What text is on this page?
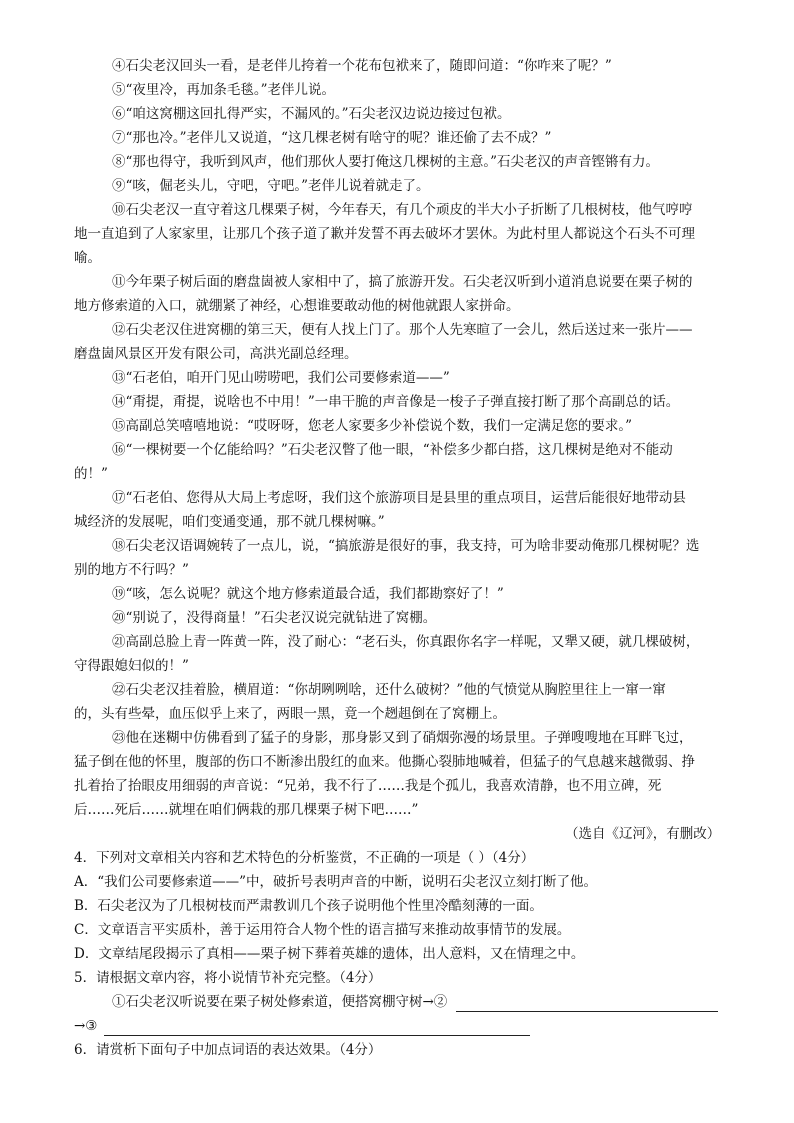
④石尖老汉回头一看，是老伴儿挎着一个花布包袱来了，随即问道：“你咋来了呢？”
⑤“夜里冷，再加条毛毯。”老伴儿说。
⑥“咱这窝棚这回扎得严实，不漏风的。”石尖老汉边说边接过包袱。
⑦“那也冷。”老伴儿又说道，“这几棵老树有啥守的呢？谁还偷了去不成？”
⑧“那也得守，我听到风声，他们那伙人要打俺这几棵树的主意。”石尖老汉的声音铿锵有力。
⑨“咳，倔老头儿，守吧，守吧。”老伴儿说着就走了。
⑩石尖老汉一直守着这几棵栗子树，今年春天，有几个顽皮的半大小子折断了几根树枝，他气哼哼
地一直追到了人家家里，让那几个孩子道了歉并发誓不再去破坏才罢休。为此村里人都说这个石头不可理
喻。
⑪今年栗子树后面的磨盘崮被人家相中了，搞了旅游开发。石尖老汉听到小道消息说要在栗子树的
地方修索道的入口，就绷紧了神经，心想谁要敢动他的树他就跟人家拼命。
⑫石尖老汉住进窝棚的第三天，便有人找上门了。那个人先寒暄了一会儿，然后送过来一张片——
磨盘崮风景区开发有限公司，高洪光副总经理。
⑬“石老伯，咱开门见山唠唠吧，我们公司要修索道——”
⑭“甭提，甭提，说啥也不中用！”一串干脆的声音像是一梭子子弹直接打断了那个高副总的话。
⑮高副总笑嘻嘻地说：“哎呀呀，您老人家要多少补偿说个数，我们一定满足您的要求。”
⑯“一棵树要一个亿能给吗？”石尖老汉瞥了他一眼，“补偿多少都白搭，这几棵树是绝对不能动
的！”
⑰“石老伯、您得从大局上考虑呀，我们这个旅游项目是县里的重点项目，运营后能很好地带动县
城经济的发展呢，咱们变通变通，那不就几棵树嘛。”
⑱石尖老汉语调婉转了一点儿，说，“搞旅游是很好的事，我支持，可为啥非要动俺那几棵树呢？选
别的地方不行吗？”
⑲“咳，怎么说呢？就这个地方修索道最合适，我们都勘察好了！”
⑳“别说了，没得商量！”石尖老汉说完就钻进了窝棚。
㉑高副总脸上青一阵黄一阵，没了耐心：“老石头，你真跟你名字一样呢，又犟又硬，就几棵破树，
守得跟媳妇似的！”
㉒石尖老汉挂着脸，横眉道：“你胡咧咧啥，还什么破树？”他的气愤觉从胸腔里往上一窜一窜
的，头有些晕，血压似乎上来了，两眼一黑，竟一个趔趄倒在了窝棚上。
㉓他在迷糊中仿佛看到了猛子的身影，那身影又到了硝烟弥漫的场景里。子弹嗖嗖地在耳畔飞过，
猛子倒在他的怀里，腹部的伤口不断渗出殷红的血来。他撕心裂肺地喊着，但猛子的气息越来越微弱、挣
扎着抬了抬眼皮用细弱的声音说：“兄弟，我不行了……我是个孤儿，我喜欢清静，也不用立碑，死
后……死后……就埋在咱们俩栽的那几棵栗子树下吧……”
（选自《辽河》，有删改）
4．下列对文章相关内容和艺术特色的分析鉴赏，不正确的一项是（ ）（4分）
A．“我们公司要修索道——”中，破折号表明声音的中断，说明石尖老汉立刻打断了他。
B．石尖老汉为了几根树枝而严肃教训几个孩子说明他个性里冷酷刻薄的一面。
C．文章语言平实质朴，善于运用符合人物个性的语言描写来推动故事情节的发展。
D．文章结尾段揭示了真相——栗子树下葬着英雄的遗体，出人意料，又在情理之中。
5．请根据文章内容，将小说情节补充完整。（4分）
①石尖老汉听说要在栗子树处修索道，便搭窝棚守树→②
→③
6．请赏析下面句子中加点词语的表达效果。（4分）
